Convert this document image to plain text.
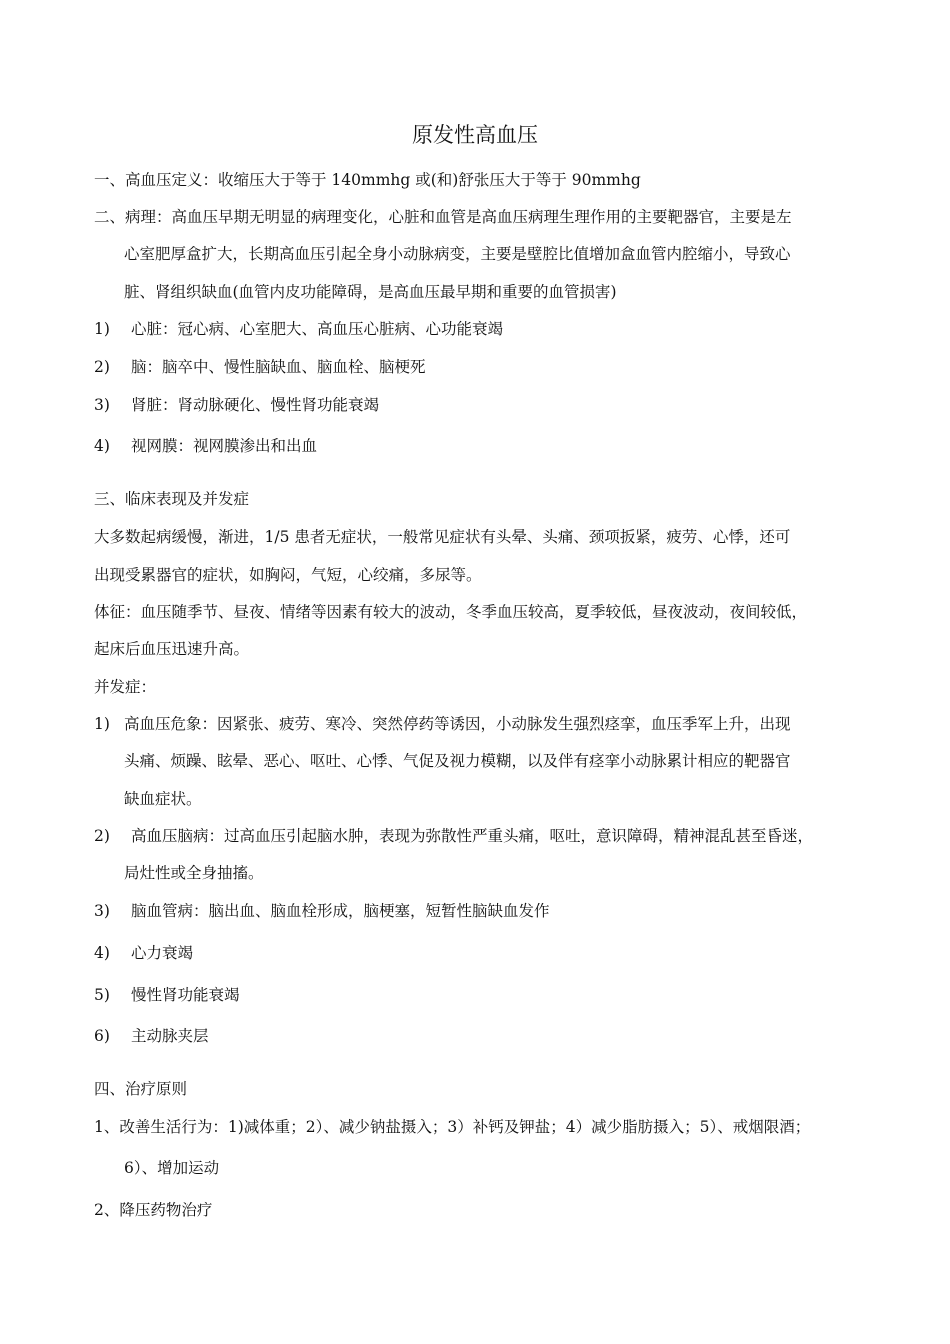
原发性高血压
一、高血压定义：收缩压大于等于 140mmhg 或(和)舒张压大于等于 90mmhg
二、病理：高血压早期无明显的病理变化，心脏和血管是高血压病理生理作用的主要靶器官，主要是左
心室肥厚盒扩大，长期高血压引起全身小动脉病变，主要是壁腔比值增加盒血管内腔缩小，导致心
脏、肾组织缺血(血管内皮功能障碍，是高血压最早期和重要的血管损害)
1) 心脏：冠心病、心室肥大、高血压心脏病、心功能衰竭
2) 脑：脑卒中、慢性脑缺血、脑血栓、脑梗死
3) 肾脏：肾动脉硬化、慢性肾功能衰竭
4) 视网膜：视网膜渗出和出血
三、临床表现及并发症
大多数起病缓慢，渐进，1/5 患者无症状，一般常见症状有头晕、头痛、颈项扳紧，疲劳、心悸，还可
出现受累器官的症状，如胸闷，气短，心绞痛，多尿等。
体征：血压随季节、昼夜、情绪等因素有较大的波动，冬季血压较高，夏季较低，昼夜波动，夜间较低，
起床后血压迅速升高。
并发症：
1) 高血压危象：因紧张、疲劳、寒冷、突然停药等诱因，小动脉发生强烈痉挛，血压季军上升，出现
头痛、烦躁、眩晕、恶心、呕吐、心悸、气促及视力模糊，以及伴有痉挛小动脉累计相应的靶器官
缺血症状。
2) 高血压脑病：过高血压引起脑水肿，表现为弥散性严重头痛，呕吐，意识障碍，精神混乱甚至昏迷，
局灶性或全身抽搐。
3) 脑血管病：脑出血、脑血栓形成，脑梗塞，短暂性脑缺血发作
4) 心力衰竭
5) 慢性肾功能衰竭
6) 主动脉夹层
四、治疗原则
1、改善生活行为：1)减体重；2）、减少钠盐摄入；3）补钙及钾盐；4）减少脂肪摄入；5）、戒烟限酒；
6）、增加运动
2、降压药物治疗
